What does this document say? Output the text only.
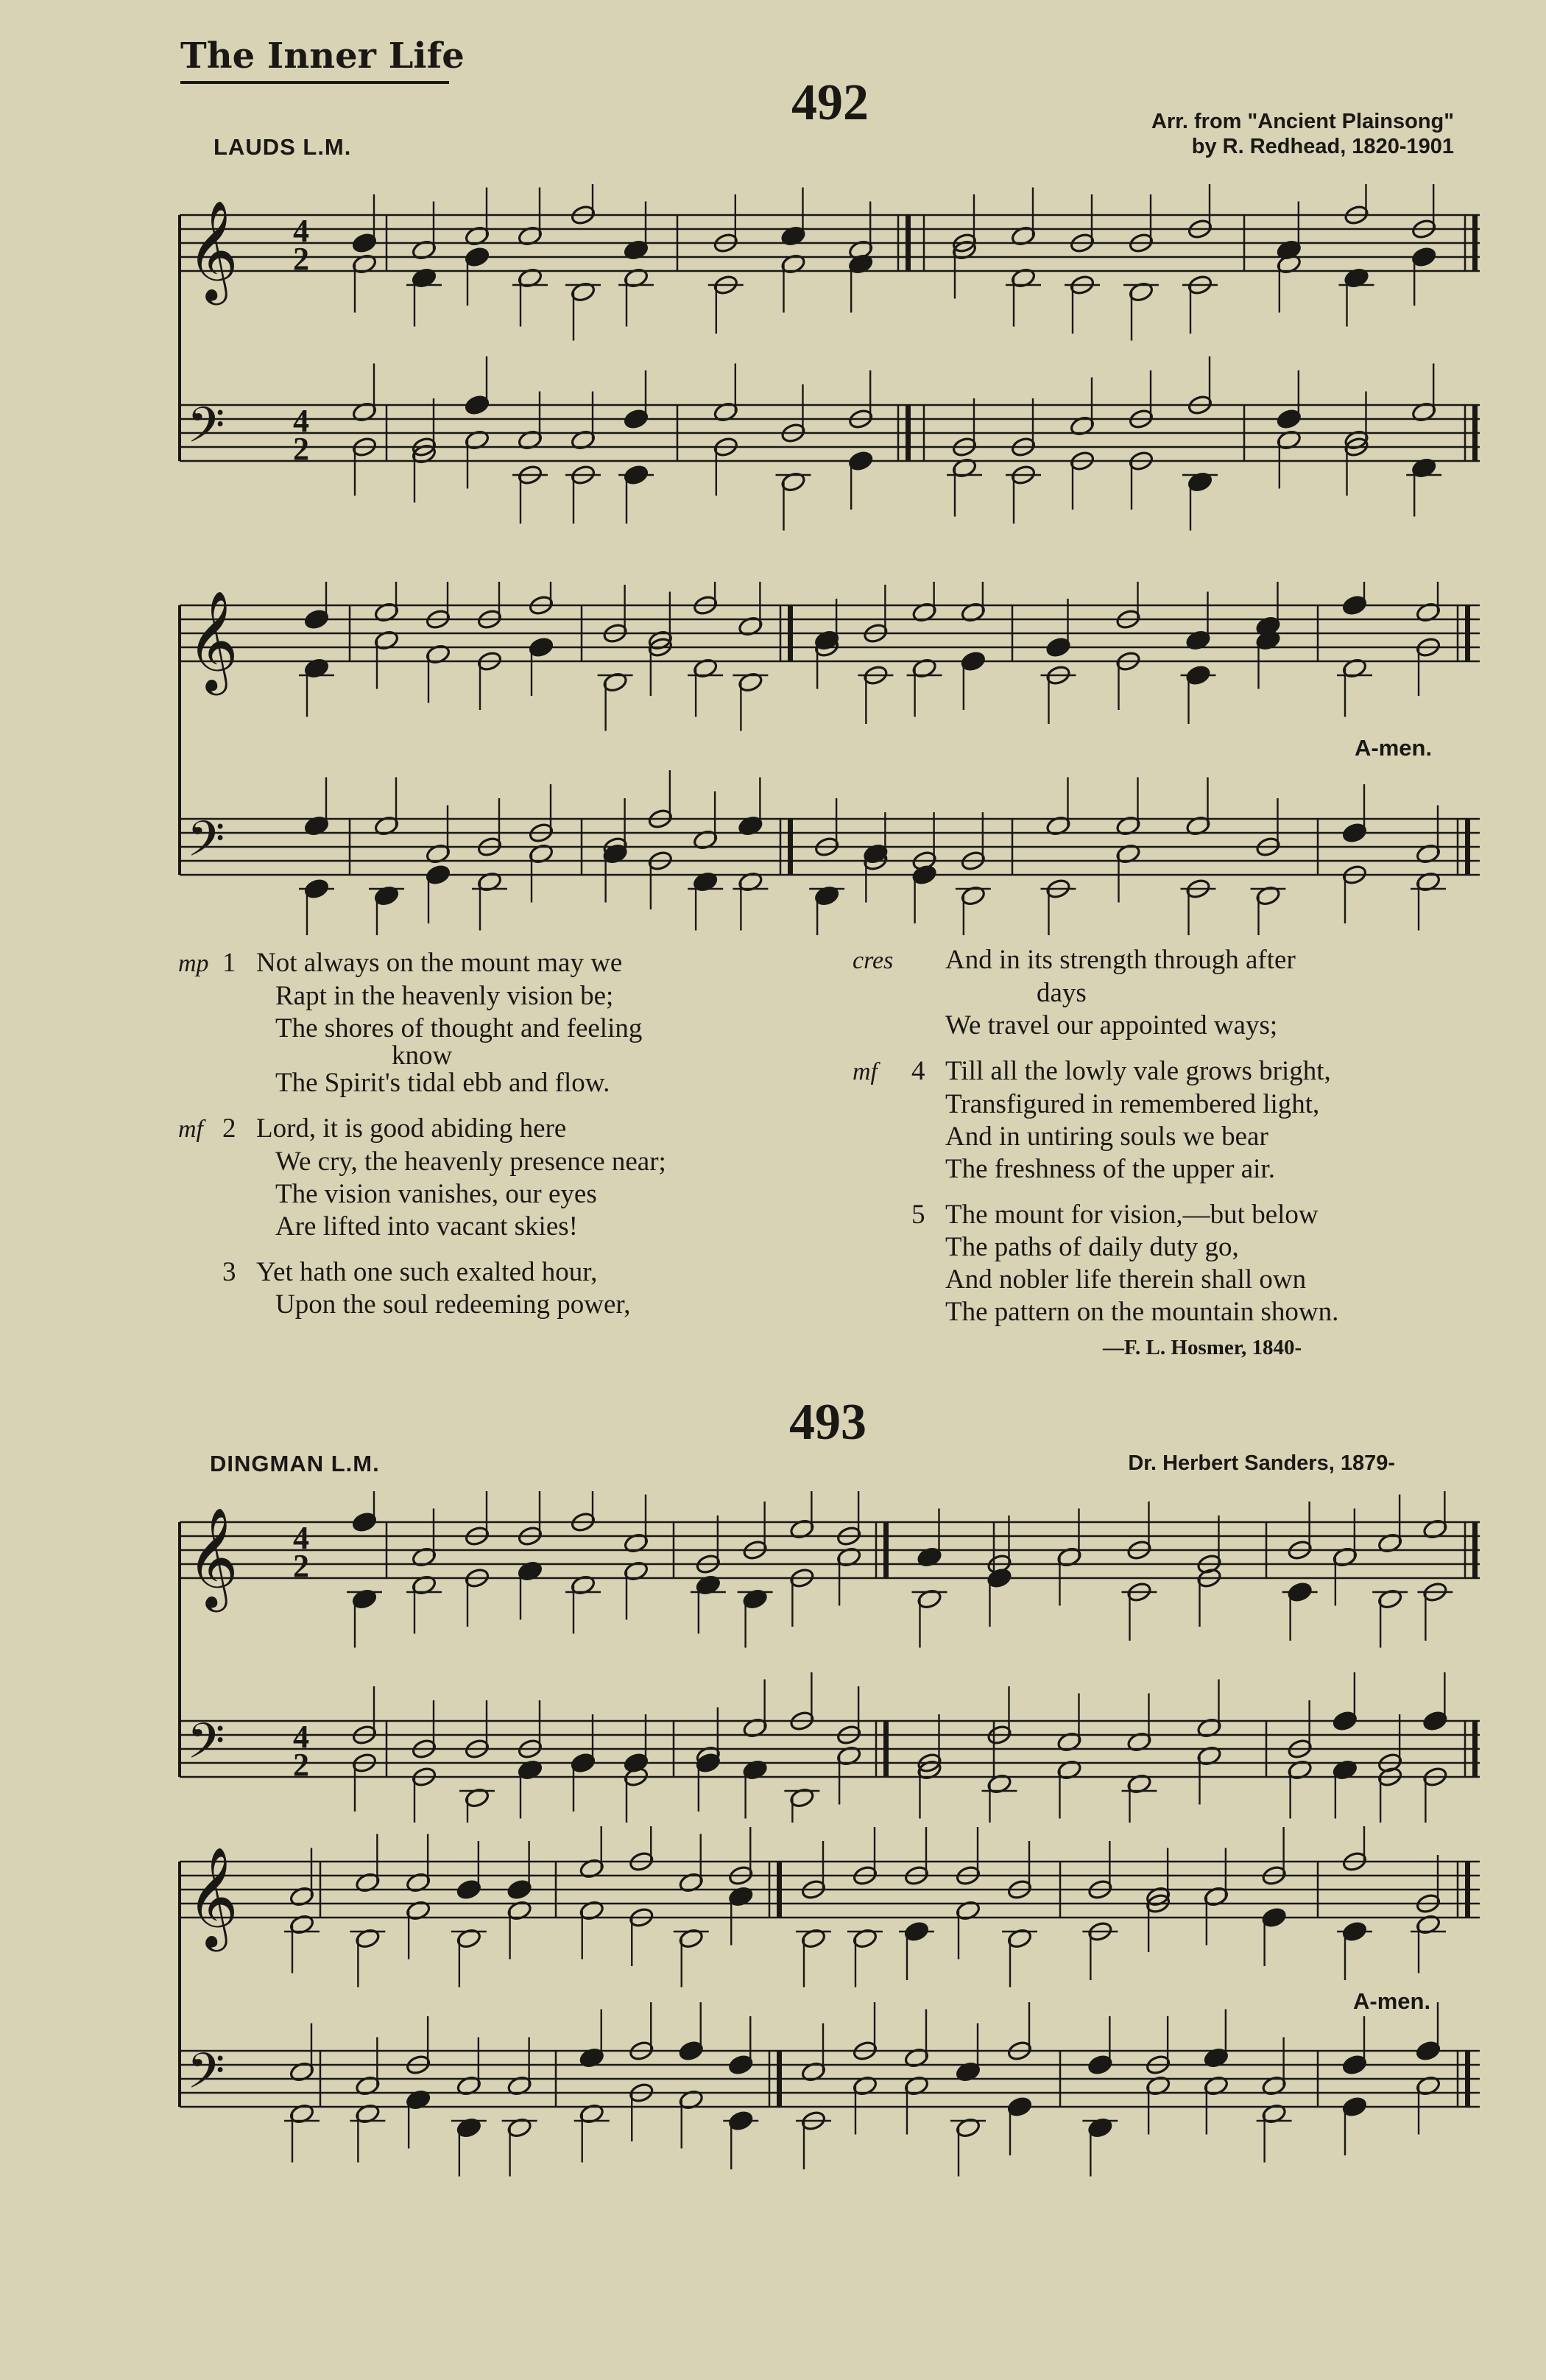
The Inner Life
492
LAUDS L.M.
Arr. from "Ancient Plainsong"
by R. Redhead, 1820-1901
𝄞
𝄢
4
2
4
2
𝄞
𝄢
A-men.
mp 1 Not always on the mount may we
Rapt in the heavenly vision be;
The shores of thought and feeling
know
The Spirit's tidal ebb and flow.
mf 2 Lord, it is good abiding here
We cry, the heavenly presence near;
The vision vanishes, our eyes
Are lifted into vacant skies!
3 Yet hath one such exalted hour,
Upon the soul redeeming power,
cres And in its strength through after
days
We travel our appointed ways;
mf 4 Till all the lowly vale grows bright,
Transfigured in remembered light,
And in untiring souls we bear
The freshness of the upper air.
5 The mount for vision,—but below
The paths of daily duty go,
And nobler life therein shall own
The pattern on the mountain shown.
—F. L. Hosmer, 1840-
493
DINGMAN L.M.	Dr. Herbert Sanders, 1879-
𝄞
𝄢
4
2
4
2
𝄞
𝄢
A-men.
